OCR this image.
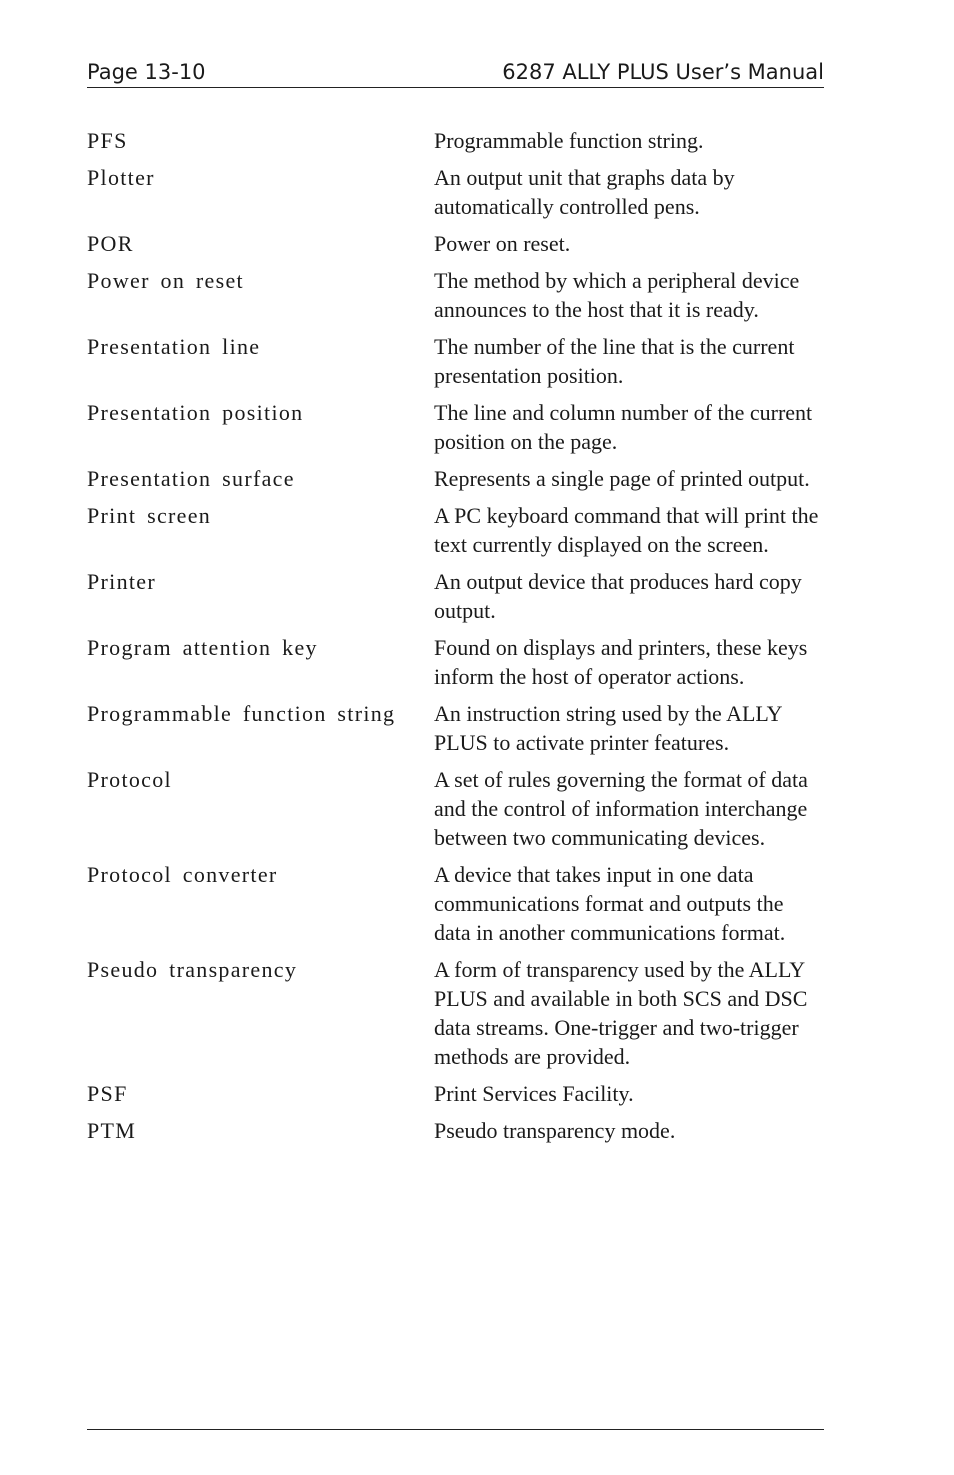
Page 13-10	6287 ALLY PLUS User’s Manual
PFS	Programmable function string.
Plotter	An output unit that graphs data by automatically controlled pens.
POR	Power on reset.
Power on reset	The method by which a peripheral device announces to the host that it is ready.
Presentation line	The number of the line that is the current presentation position.
Presentation position	The line and column number of the current position on the page.
Presentation surface	Represents a single page of printed output.
Print screen	A PC keyboard command that will print the text currently displayed on the screen.
Printer	An output device that produces hard copy output.
Program attention key	Found on displays and printers, these keys inform the host of operator actions.
Programmable function string	An instruction string used by the ALLY PLUS to activate printer features.
Protocol	A set of rules governing the format of data and the control of information interchange between two communicating devices.
Protocol converter	A device that takes input in one data communications format and outputs the data in another communications format.
Pseudo transparency	A form of transparency used by the ALLY PLUS and available in both SCS and DSC data streams. One-trigger and two-trigger methods are provided.
PSF	Print Services Facility.
PTM	Pseudo transparency mode.
